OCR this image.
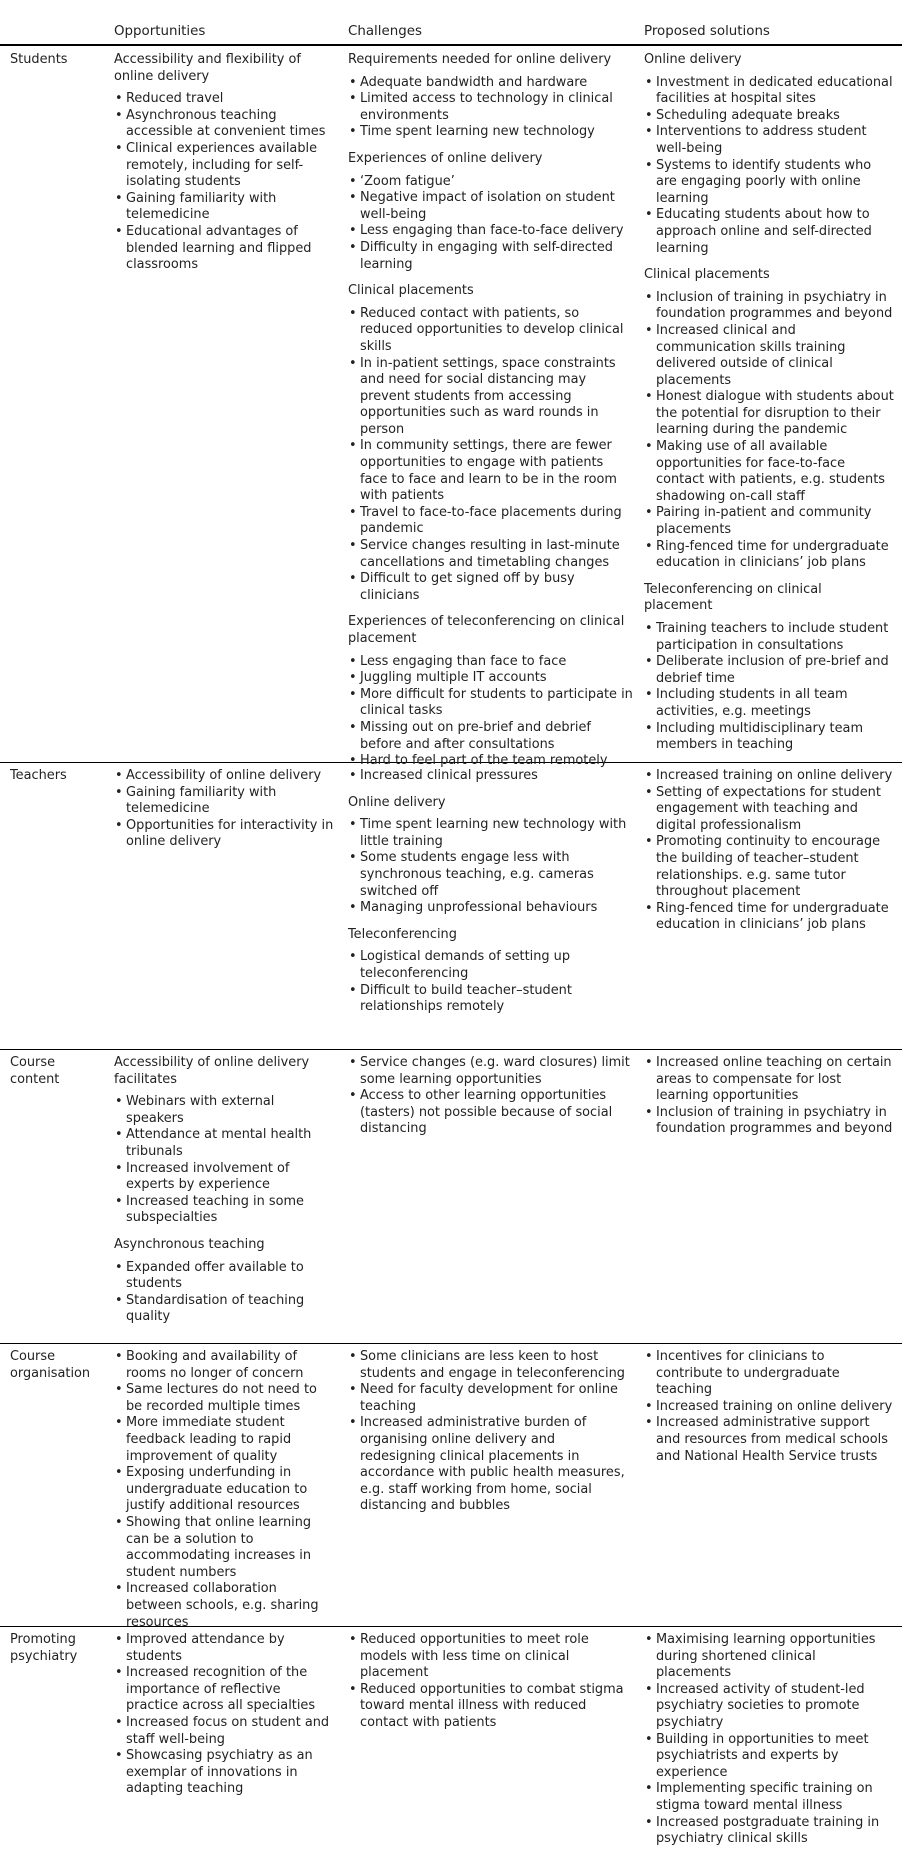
Opportunities	Challenges	Proposed solutions
Students	Accessibility and flexibility of online delivery
• Reduced travel
• Asynchronous teaching accessible at convenient times
• Clinical experiences available remotely, including for self-isolating students
• Gaining familiarity with telemedicine
• Educational advantages of blended learning and flipped classrooms
Requirements needed for online delivery
• Adequate bandwidth and hardware
• Limited access to technology in clinical environments
• Time spent learning new technology
Experiences of online delivery
• ‘Zoom fatigue’
• Negative impact of isolation on student well-being
• Less engaging than face-to-face delivery
• Difficulty in engaging with self-directed learning
Clinical placements
• Reduced contact with patients, so reduced opportunities to develop clinical skills
• In in-patient settings, space constraints and need for social distancing may prevent students from accessing opportunities such as ward rounds in person
• In community settings, there are fewer opportunities to engage with patients face to face and learn to be in the room with patients
• Travel to face-to-face placements during pandemic
• Service changes resulting in last-minute cancellations and timetabling changes
• Difficult to get signed off by busy clinicians
Experiences of teleconferencing on clinical placement
• Less engaging than face to face
• Juggling multiple IT accounts
• More difficult for students to participate in clinical tasks
• Missing out on pre-brief and debrief before and after consultations
• Hard to feel part of the team remotely
Online delivery
• Investment in dedicated educational facilities at hospital sites
• Scheduling adequate breaks
• Interventions to address student well-being
• Systems to identify students who are engaging poorly with online learning
• Educating students about how to approach online and self-directed learning
Clinical placements
• Inclusion of training in psychiatry in foundation programmes and beyond
• Increased clinical and communication skills training delivered outside of clinical placements
• Honest dialogue with students about the potential for disruption to their learning during the pandemic
• Making use of all available opportunities for face-to-face contact with patients, e.g. students shadowing on-call staff
• Pairing in-patient and community placements
• Ring-fenced time for undergraduate education in clinicians’ job plans
Teleconferencing on clinical placement
• Training teachers to include student participation in consultations
• Deliberate inclusion of pre-brief and debrief time
• Including students in all team activities, e.g. meetings
• Including multidisciplinary team members in teaching
Teachers
•	Accessibility of online delivery
• Gaining familiarity with telemedicine
• Opportunities for interactivity in online delivery
• Increased clinical pressures
Online delivery
• Time spent learning new technology with little training
• Some students engage less with synchronous teaching, e.g. cameras switched off
• Managing unprofessional behaviours
Teleconferencing
• Logistical demands of setting up teleconferencing
• Difficult to build teacher–student relationships remotely
• Increased training on online delivery
• Setting of expectations for student engagement with teaching and digital professionalism
• Promoting continuity to encourage the building of teacher–student relationships. e.g. same tutor throughout placement
• Ring-fenced time for undergraduate education in clinicians’ job plans
Course content
Accessibility of online delivery facilitates
• Webinars with external speakers
• Attendance at mental health tribunals
• Increased involvement of experts by experience
• Increased teaching in some subspecialties
Asynchronous teaching
• Expanded offer available to students
• Standardisation of teaching quality
• Service changes (e.g. ward closures) limit some learning opportunities
• Access to other learning opportunities (tasters) not possible because of social distancing
• Increased online teaching on certain areas to compensate for lost learning opportunities
• Inclusion of training in psychiatry in foundation programmes and beyond
Course organisation
• Booking and availability of rooms no longer of concern
• Same lectures do not need to be recorded multiple times
• More immediate student feedback leading to rapid improvement of quality
• Exposing underfunding in undergraduate education to justify additional resources
• Showing that online learning can be a solution to accommodating increases in student numbers
• Increased collaboration between schools, e.g. sharing resources
• Some clinicians are less keen to host students and engage in teleconferencing
• Need for faculty development for online teaching
• Increased administrative burden of organising online delivery and redesigning clinical placements in accordance with public health measures, e.g. staff working from home, social distancing and bubbles
• Incentives for clinicians to contribute to undergraduate teaching
• Increased training on online delivery
• Increased administrative support and resources from medical schools and National Health Service trusts
Promoting psychiatry
• Improved attendance by students
• Increased recognition of the importance of reflective practice across all specialties
• Increased focus on student and staff well-being
• Showcasing psychiatry as an exemplar of innovations in adapting teaching
• Reduced opportunities to meet role models with less time on clinical placement
• Reduced opportunities to combat stigma toward mental illness with reduced contact with patients
• Maximising learning opportunities during shortened clinical placements
• Increased activity of student-led psychiatry societies to promote psychiatry
• Building in opportunities to meet psychiatrists and experts by experience
• Implementing specific training on stigma toward mental illness
• Increased postgraduate training in psychiatry clinical skills
